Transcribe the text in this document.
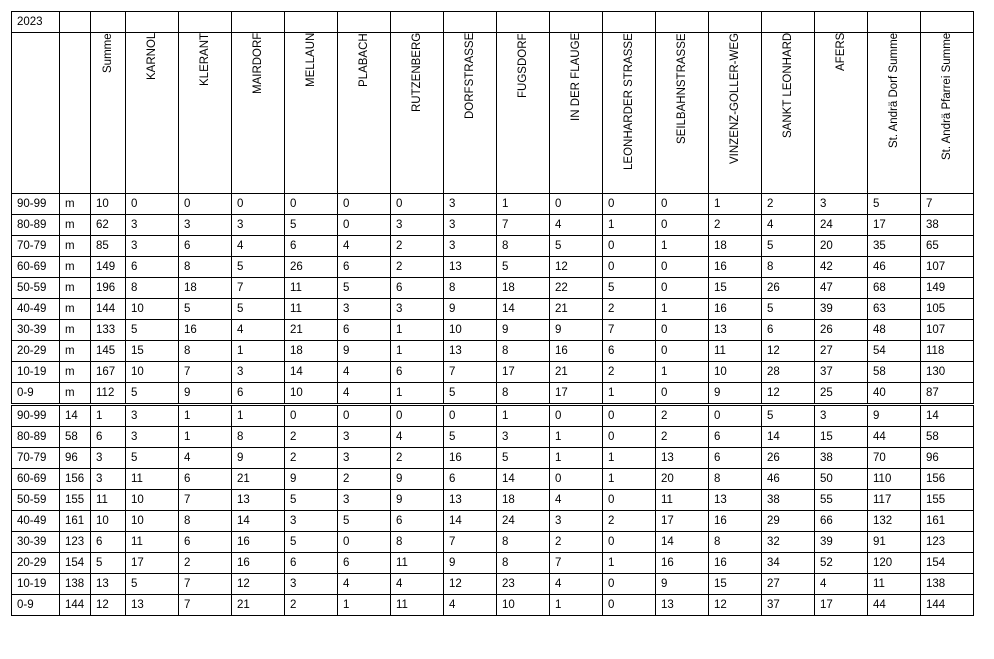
2023																		

		Summe	KARNOL	KLERANT	MAIRDORF	MELLAUN	PLABACH	RUTZENBERG	DORFSTRASSE	FUGSDORF	IN DER FLAUGE	LEONHARDER STRASSE	SEILBAHNSTRASSE	VINZENZ-GOLLER-WEG	SANKT LEONHARD	AFERS	St. Andrä Dorf Summe	St. Andrä Pfarrei Summe

90-99	m	10	0	0	0	0	0	0	3	1	0	0	0	1	2	3	5	7
80-89	m	62	3	3	3	5	0	3	3	7	4	1	0	2	4	24	17	38
70-79	m	85	3	6	4	6	4	2	3	8	5	0	1	18	5	20	35	65
60-69	m	149	6	8	5	26	6	2	13	5	12	0	0	16	8	42	46	107
50-59	m	196	8	18	7	11	5	6	8	18	22	5	0	15	26	47	68	149
40-49	m	144	10	5	5	11	3	3	9	14	21	2	1	16	5	39	63	105
30-39	m	133	5	16	4	21	6	1	10	9	9	7	0	13	6	26	48	107
20-29	m	145	15	8	1	18	9	1	13	8	16	6	0	11	12	27	54	118
10-19	m	167	10	7	3	14	4	6	7	17	21	2	1	10	28	37	58	130
0-9	m	112	5	9	6	10	4	1	5	8	17	1	0	9	12	25	40	87
90-99	14	1	3	1	1	0	0	0	0	1	0	0	2	0	5	3	9	14
80-89	58	6	3	1	8	2	3	4	5	3	1	0	2	6	14	15	44	58
70-79	96	3	5	4	9	2	3	2	16	5	1	1	13	6	26	38	70	96
60-69	156	3	11	6	21	9	2	9	6	14	0	1	20	8	46	50	110	156
50-59	155	11	10	7	13	5	3	9	13	18	4	0	11	13	38	55	117	155
40-49	161	10	10	8	14	3	5	6	14	24	3	2	17	16	29	66	132	161
30-39	123	6	11	6	16	5	0	8	7	8	2	0	14	8	32	39	91	123
20-29	154	5	17	2	16	6	6	11	9	8	7	1	16	16	34	52	120	154
10-19	138	13	5	7	12	3	4	4	12	23	4	0	9	15	27	4	11	138
0-9	144	12	13	7	21	2	1	11	4	10	1	0	13	12	37	17	44	144
